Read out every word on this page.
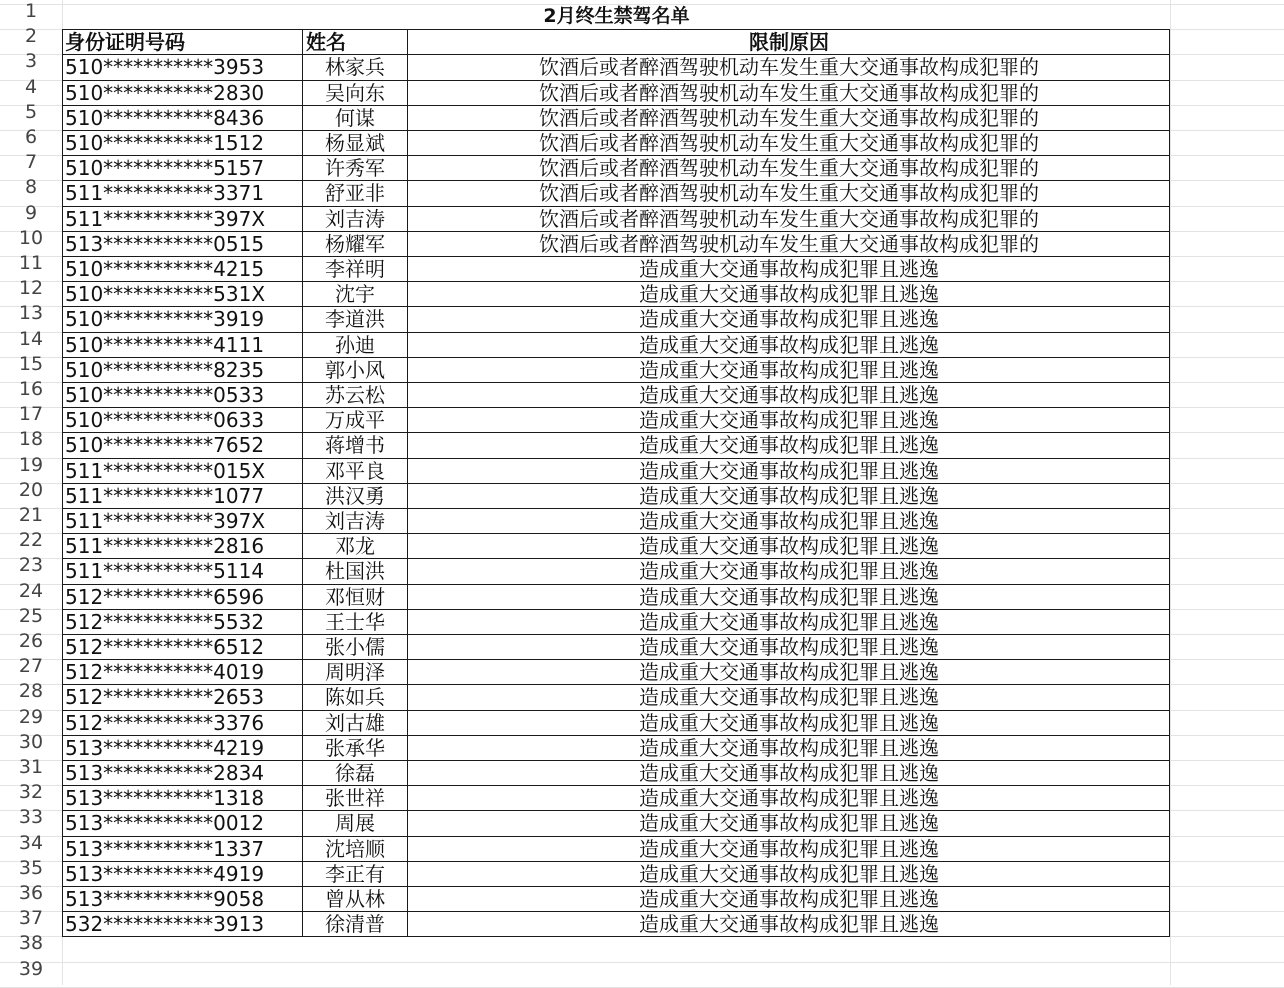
2月终生禁驾名单
身份证明号码	姓名	限制原因
1
2
3
4
5
6
7
8
9
10
11
12
13
14
15
16
17
18
19
20
21
22
23
24
25
26
27
28
29
30
31
32
33
34
35
36
37
38
39
510***********3953	林家兵	饮酒后或者醉酒驾驶机动车发生重大交通事故构成犯罪的
510***********2830	吴向东	饮酒后或者醉酒驾驶机动车发生重大交通事故构成犯罪的
510***********8436	何谋	饮酒后或者醉酒驾驶机动车发生重大交通事故构成犯罪的
510***********1512	杨显斌	饮酒后或者醉酒驾驶机动车发生重大交通事故构成犯罪的
510***********5157	许秀军	饮酒后或者醉酒驾驶机动车发生重大交通事故构成犯罪的
511***********3371	舒亚非	饮酒后或者醉酒驾驶机动车发生重大交通事故构成犯罪的
511***********397X	刘吉涛	饮酒后或者醉酒驾驶机动车发生重大交通事故构成犯罪的
513***********0515	杨耀军	饮酒后或者醉酒驾驶机动车发生重大交通事故构成犯罪的
510***********4215	李祥明	造成重大交通事故构成犯罪且逃逸
510***********531X	沈宇	造成重大交通事故构成犯罪且逃逸
510***********3919	李道洪	造成重大交通事故构成犯罪且逃逸
510***********4111	孙迪	造成重大交通事故构成犯罪且逃逸
510***********8235	郭小风	造成重大交通事故构成犯罪且逃逸
510***********0533	苏云松	造成重大交通事故构成犯罪且逃逸
510***********0633	万成平	造成重大交通事故构成犯罪且逃逸
510***********7652	蒋增书	造成重大交通事故构成犯罪且逃逸
511***********015X	邓平良	造成重大交通事故构成犯罪且逃逸
511***********1077	洪汉勇	造成重大交通事故构成犯罪且逃逸
511***********397X	刘吉涛	造成重大交通事故构成犯罪且逃逸
511***********2816	邓龙	造成重大交通事故构成犯罪且逃逸
511***********5114	杜国洪	造成重大交通事故构成犯罪且逃逸
512***********6596	邓恒财	造成重大交通事故构成犯罪且逃逸
512***********5532	王士华	造成重大交通事故构成犯罪且逃逸
512***********6512	张小儒	造成重大交通事故构成犯罪且逃逸
512***********4019	周明泽	造成重大交通事故构成犯罪且逃逸
512***********2653	陈如兵	造成重大交通事故构成犯罪且逃逸
512***********3376	刘古雄	造成重大交通事故构成犯罪且逃逸
513***********4219	张承华	造成重大交通事故构成犯罪且逃逸
513***********2834	徐磊	造成重大交通事故构成犯罪且逃逸
513***********1318	张世祥	造成重大交通事故构成犯罪且逃逸
513***********0012	周展	造成重大交通事故构成犯罪且逃逸
513***********1337	沈培顺	造成重大交通事故构成犯罪且逃逸
513***********4919	李正有	造成重大交通事故构成犯罪且逃逸
513***********9058	曾从林	造成重大交通事故构成犯罪且逃逸
532***********3913	徐清普	造成重大交通事故构成犯罪且逃逸
